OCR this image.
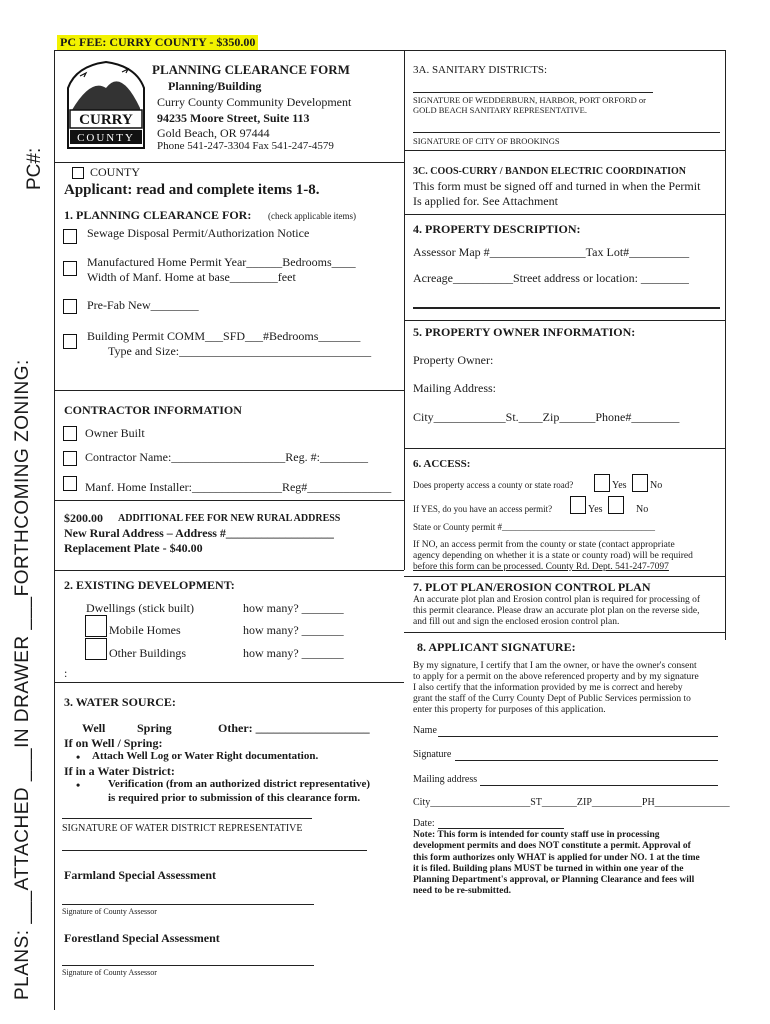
PC FEE: CURRY COUNTY - $350.00
PLANS: ___ATTACHED ___IN DRAWER ___FORTHCOMING ZONING:
PC#:
CURRY
COUNTY
PLANNING CLEARANCE FORM
Planning/Building
Curry County Community Development
94235 Moore Street, Suite 113
Gold Beach, OR 97444
Phone 541-247-3304 Fax 541-247-4579
COUNTY
Applicant: read and complete items 1-8.
1. PLANNING CLEARANCE FOR: (check applicable items)
Sewage Disposal Permit/Authorization Notice
Manufactured Home Permit Year______Bedrooms____
Width of Manf. Home at base________feet
Pre-Fab New________
Building Permit COMM___SFD___#Bedrooms_______
Type and Size:________________________________
CONTRACTOR INFORMATION
Owner Built
Contractor Name:___________________Reg. #:________
Manf. Home Installer:_______________Reg#______________
$200.00 ADDITIONAL FEE FOR NEW RURAL ADDRESS
New Rural Address – Address #__________________
Replacement Plate - $40.00
2. EXISTING DEVELOPMENT:
Dwellings (stick built)	how many? _______
Mobile Homes	how many? _______
Other Buildings	how many? _______
:
3. WATER SOURCE:
Well	Spring	Other: ___________________
If on Well / Spring:
• Attach Well Log or Water Right documentation.
If in a Water District:
•	Verification (from an authorized district representative)
is required prior to submission of this clearance form.
SIGNATURE OF WATER DISTRICT REPRESENTATIVE
Farmland Special Assessment
Signature of County Assessor
Forestland Special Assessment
Signature of County Assessor
3A. SANITARY DISTRICTS:
SIGNATURE OF WEDDERBURN, HARBOR, PORT ORFORD or
GOLD BEACH SANITARY REPRESENTATIVE.
SIGNATURE OF CITY OF BROOKINGS
3C. COOS-CURRY / BANDON ELECTRIC COORDINATION
This form must be signed off and turned in when the Permit
Is applied for. See Attachment
4. PROPERTY DESCRIPTION:
Assessor Map #________________Tax Lot#__________
Acreage__________Street address or location: ________
5. PROPERTY OWNER INFORMATION:
Property Owner:
Mailing Address:
City____________St.____Zip______Phone#________
6. ACCESS:
Does property access a county or state road?	Yes No
If YES, do you have an access permit?	Yes	No
State or County permit #__________________________________
If NO, an access permit from the county or state (contact appropriate
agency depending on whether it is a state or county road) will be required
before this form can be processed. County Rd. Dept. 541-247-7097
7. PLOT PLAN/EROSION CONTROL PLAN
An accurate plot plan and Erosion control plan is required for processing of
this permit clearance. Please draw an accurate plot plan on the reverse side,
and fill out and sign the enclosed erosion control plan.
8. APPLICANT SIGNATURE:
By my signature, I certify that I am the owner, or have the owner's consent
to apply for a permit on the above referenced property and by my signature
I also certify that the information provided by me is correct and hereby
grant the staff of the Curry County Dept of Public Services permission to
enter this property for purposes of this application.
Name
Signature
Mailing address
City____________________ST_______ZIP__________PH_______________
Date:
Note: This form is intended for county staff use in processing
development permits and does NOT constitute a permit. Approval of
this form authorizes only WHAT is applied for under NO. 1 at the time
it is filed. Building plans MUST be turned in within one year of the
Planning Department's approval, or Planning Clearance and fees will
need to be re-submitted.
